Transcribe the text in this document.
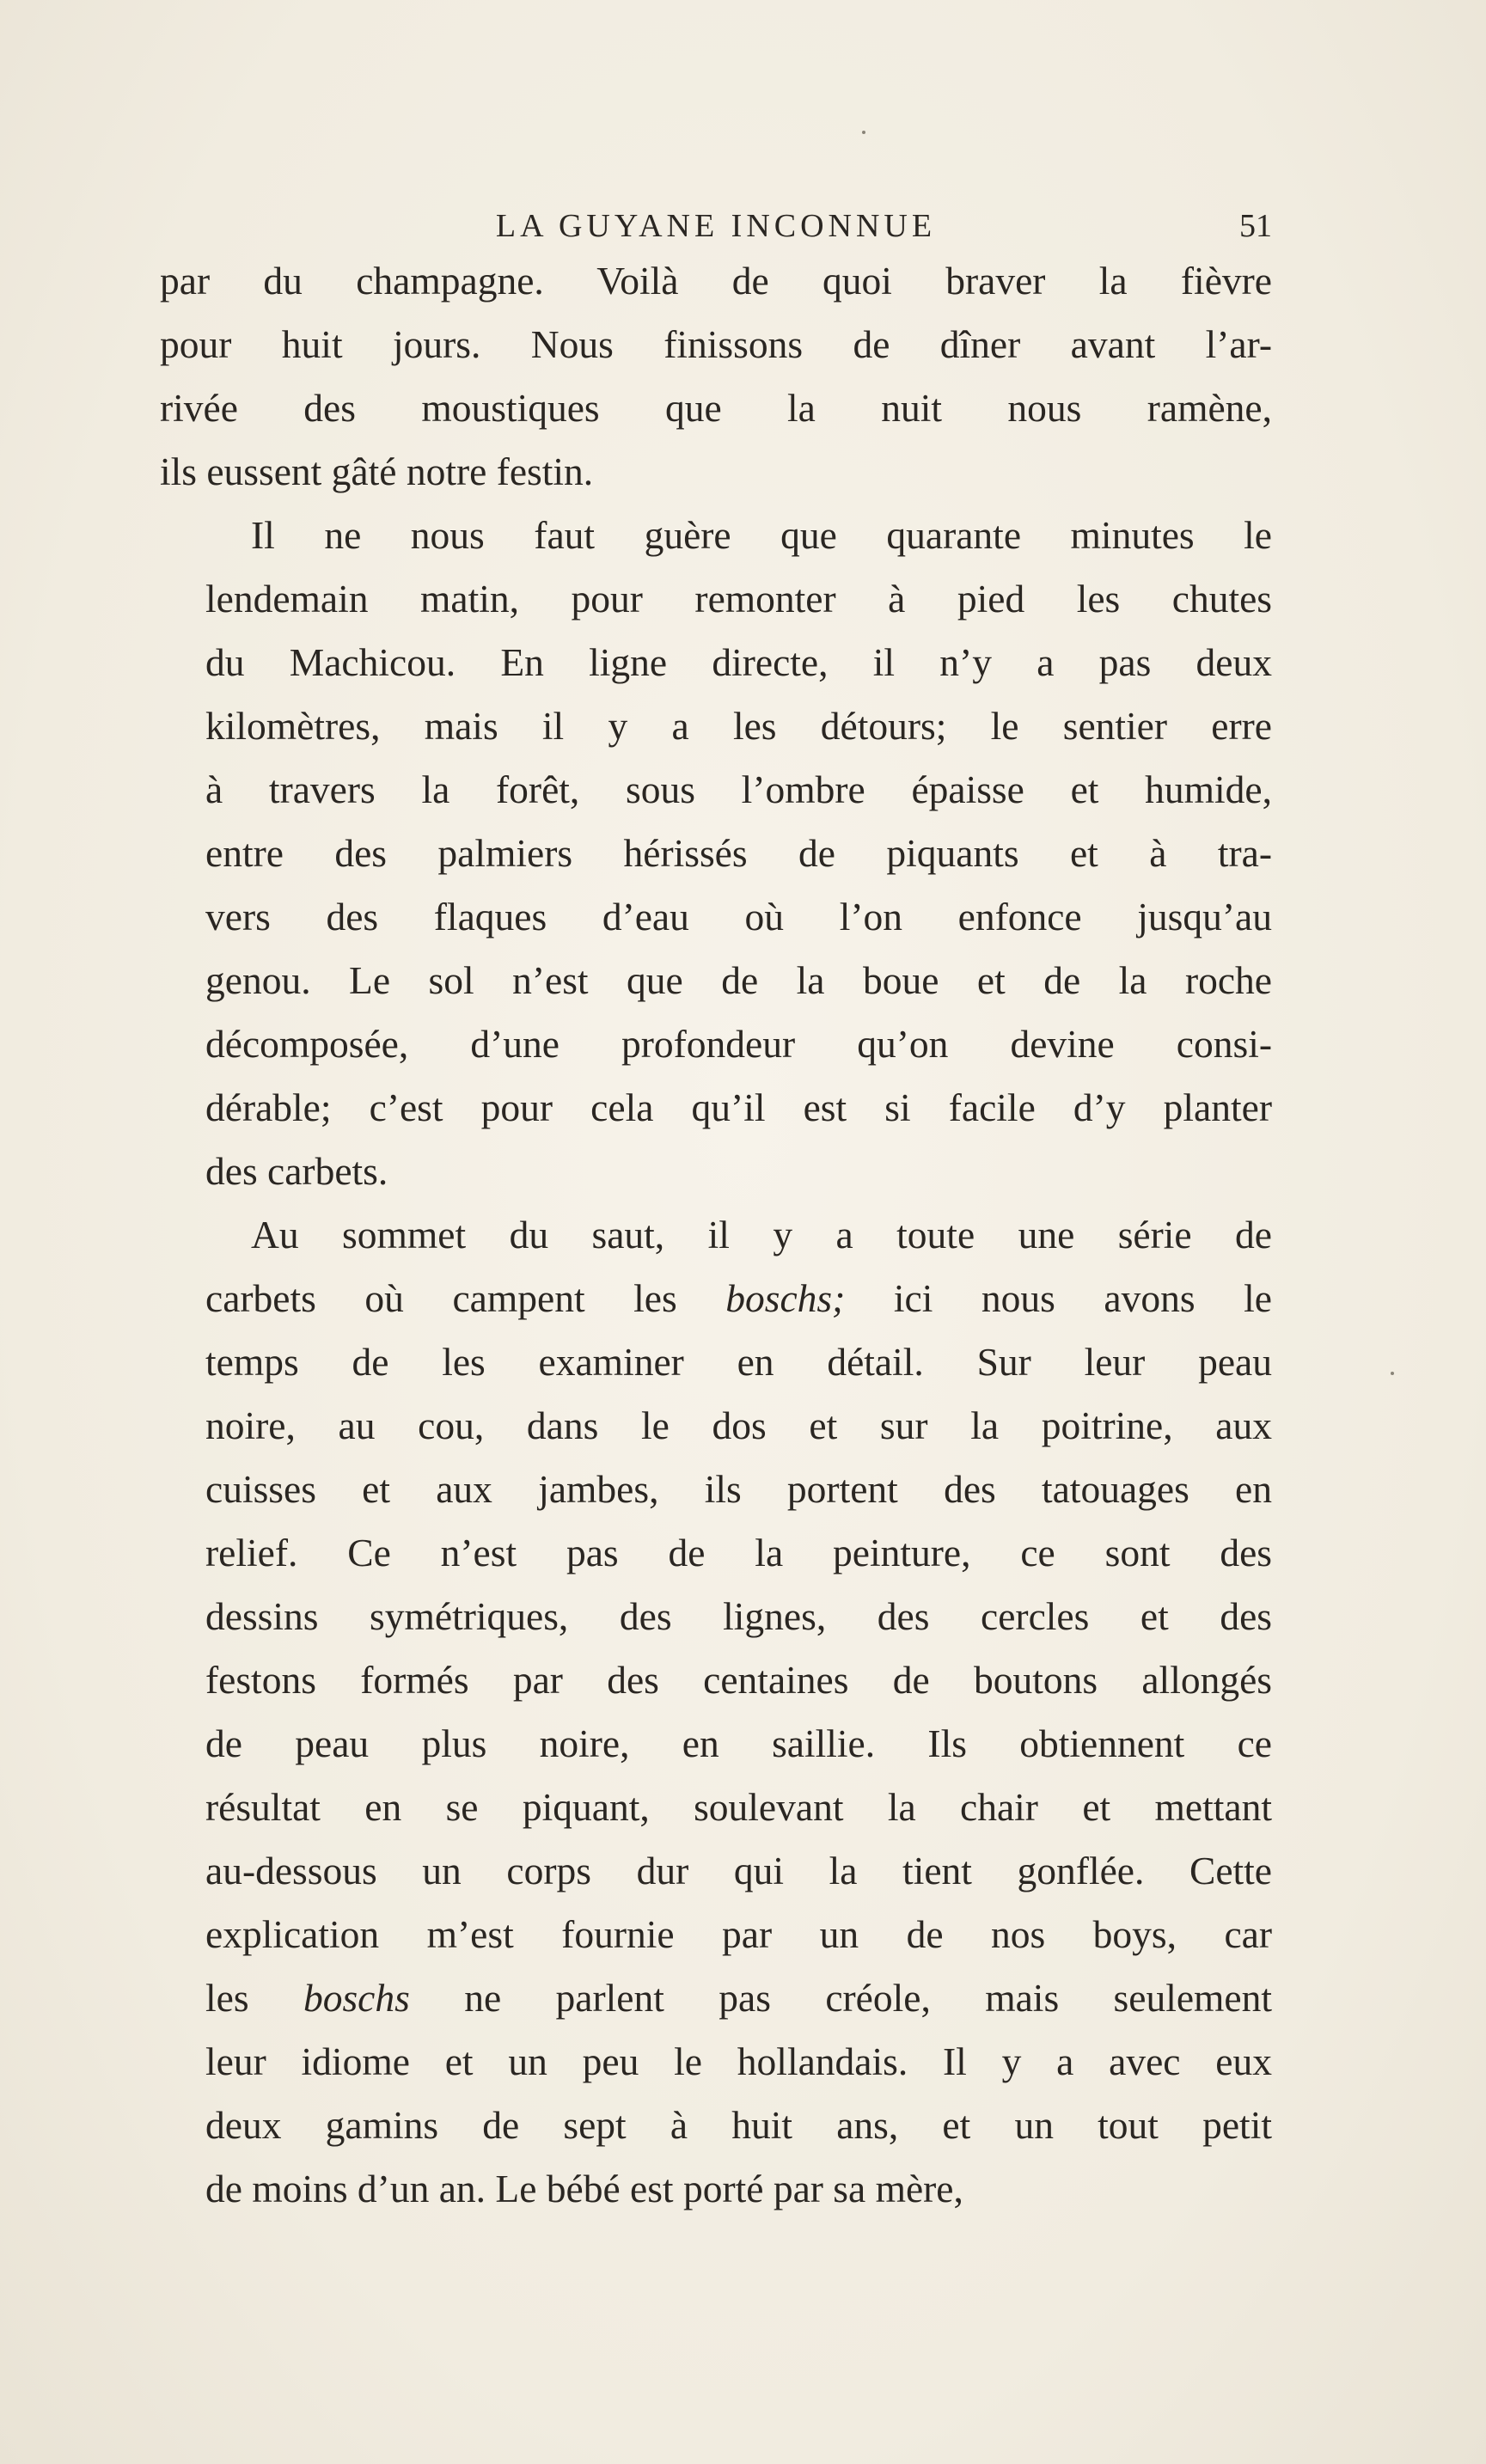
LA GUYANE INCONNUE	51

par du champagne. Voilà de quoi braver la fièvre
pour huit jours. Nous finissons de dîner avant l’ar-
rivée des moustiques que la nuit nous ramène,
ils eussent gâté notre festin.

Il ne nous faut guère que quarante minutes le
lendemain matin, pour remonter à pied les chutes
du Machicou. En ligne directe, il n’y a pas deux
kilomètres, mais il y a les détours; le sentier erre
à travers la forêt, sous l’ombre épaisse et humide,
entre des palmiers hérissés de piquants et à tra-
vers des flaques d’eau où l’on enfonce jusqu’au
genou. Le sol n’est que de la boue et de la roche
décomposée, d’une profondeur qu’on devine consi-
dérable; c’est pour cela qu’il est si facile d’y planter
des carbets.

Au sommet du saut, il y a toute une série de
carbets où campent les boschs; ici nous avons le
temps de les examiner en détail. Sur leur peau
noire, au cou, dans le dos et sur la poitrine, aux
cuisses et aux jambes, ils portent des tatouages en
relief. Ce n’est pas de la peinture, ce sont des
dessins symétriques, des lignes, des cercles et des
festons formés par des centaines de boutons allongés
de peau plus noire, en saillie. Ils obtiennent ce
résultat en se piquant, soulevant la chair et mettant
au-dessous un corps dur qui la tient gonflée. Cette
explication m’est fournie par un de nos boys, car
les boschs ne parlent pas créole, mais seulement
leur idiome et un peu le hollandais. Il y a avec eux
deux gamins de sept à huit ans, et un tout petit
de moins d’un an. Le bébé est porté par sa mère,
